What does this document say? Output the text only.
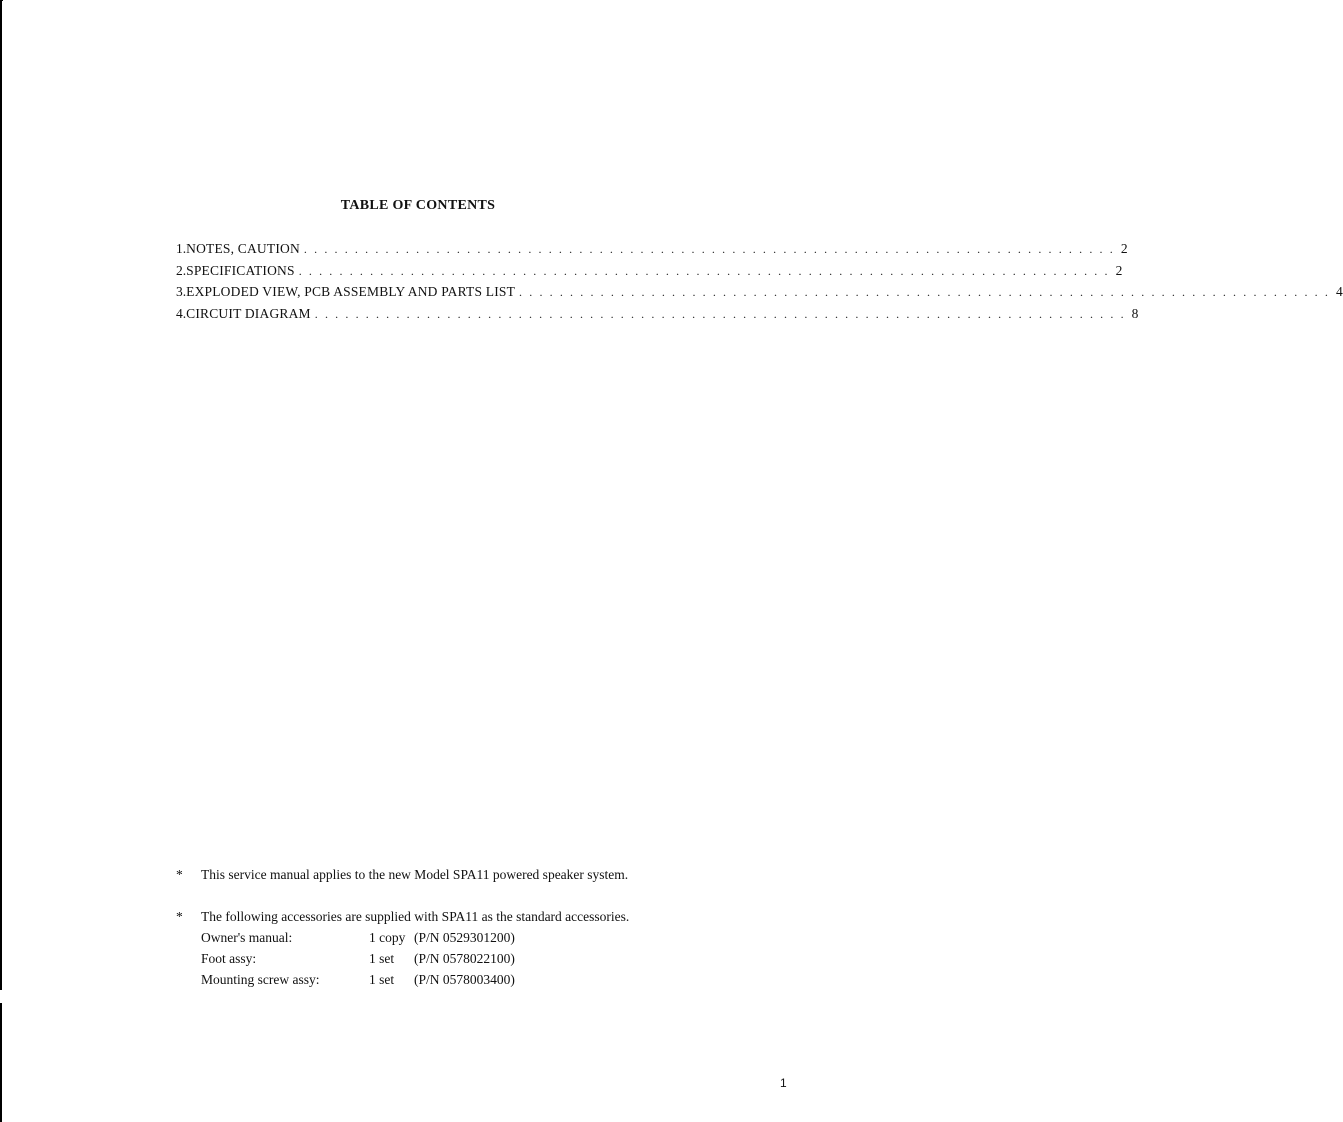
TABLE OF CONTENTS
1. NOTES, CAUTION . . . . . . . . . . . . . . . . . . . . . . . . . . . . . . . . . . . . . . . . . . . . . . . . . . . . . . . . . . . . . . . . . . . . . . . . . . . . . . . . 2
2. SPECIFICATIONS . . . . . . . . . . . . . . . . . . . . . . . . . . . . . . . . . . . . . . . . . . . . . . . . . . . . . . . . . . . . . . . . . . . . . . . . . . . . . . . . 2
3. EXPLODED VIEW, PCB ASSEMBLY AND PARTS LIST . . . . . . . . . . . . . . . . . . . . . . . . . . . . . . . . . . . . . . . . . . . . . . . . . . . . . . . . . . . . . . . . . . . . . . . . . . . . . . . . 4
4. CIRCUIT DIAGRAM . . . . . . . . . . . . . . . . . . . . . . . . . . . . . . . . . . . . . . . . . . . . . . . . . . . . . . . . . . . . . . . . . . . . . . . . . . . . . . . . 8
*	This service manual applies to the new Model SPA11 powered speaker system.
*	The following accessories are supplied with SPA11 as the standard accessories.
Owner's manual:	1 copy (P/N 0529301200)
Foot assy:	1 set	(P/N 0578022100)
Mounting screw assy:	1 set	(P/N 0578003400)
1
